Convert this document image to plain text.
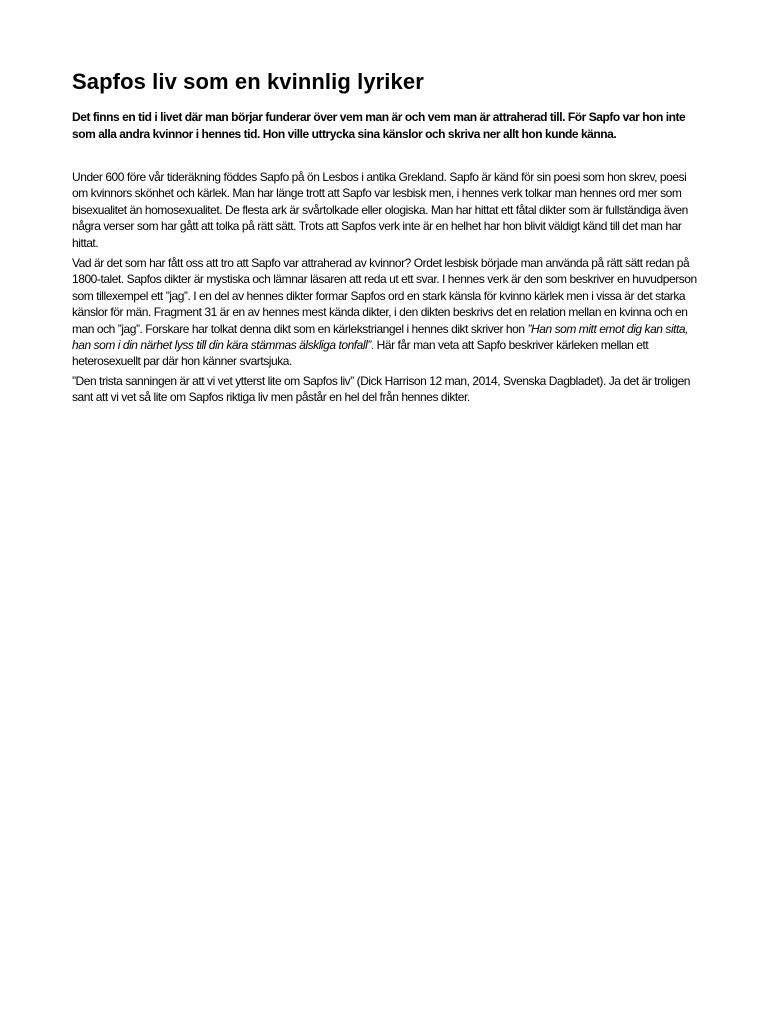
Sapfos liv som en kvinnlig lyriker

Det finns en tid i livet där man börjar funderar över vem man är och vem man är attraherad till. För Sapfo var hon inte som alla andra kvinnor i hennes tid. Hon ville uttrycka sina känslor och skriva ner allt hon kunde känna.

Under 600 före vår tideräkning föddes Sapfo på ön Lesbos i antika Grekland. Sapfo är känd för sin poesi som hon skrev, poesi om kvinnors skönhet och kärlek. Man har länge trott att Sapfo var lesbisk men, i hennes verk tolkar man hennes ord mer som bisexualitet än homosexualitet. De flesta ark är svårtolkade eller ologiska. Man har hittat ett fåtal dikter som är fullständiga även några verser som har gått att tolka på rätt sätt. Trots att Sapfos verk inte är en helhet har hon blivit väldigt känd till det man har hittat.

Vad är det som har fått oss att tro att Sapfo var attraherad av kvinnor? Ordet lesbisk började man använda på rätt sätt redan på 1800-talet. Sapfos dikter är mystiska och lämnar läsaren att reda ut ett svar. I hennes verk är den som beskriver en huvudperson som tillexempel ett ”jag”. I en del av hennes dikter formar Sapfos ord en stark känsla för kvinno kärlek men i vissa är det starka känslor för män. Fragment 31 är en av hennes mest kända dikter, i den dikten beskrivs det en relation mellan en kvinna och en man och ”jag”. Forskare har tolkat denna dikt som en kärlekstriangel i hennes dikt skriver hon ”Han som mitt emot dig kan sitta, han som i din närhet lyss till din kära stämmas älskliga tonfall”. Här får man veta att Sapfo beskriver kärleken mellan ett heterosexuellt par där hon känner svartsjuka.

”Den trista sanningen är att vi vet ytterst lite om Sapfos liv” (Dick Harrison 12 man, 2014, Svenska Dagbladet). Ja det är troligen sant att vi vet så lite om Sapfos riktiga liv men påstår en hel del från hennes dikter.
